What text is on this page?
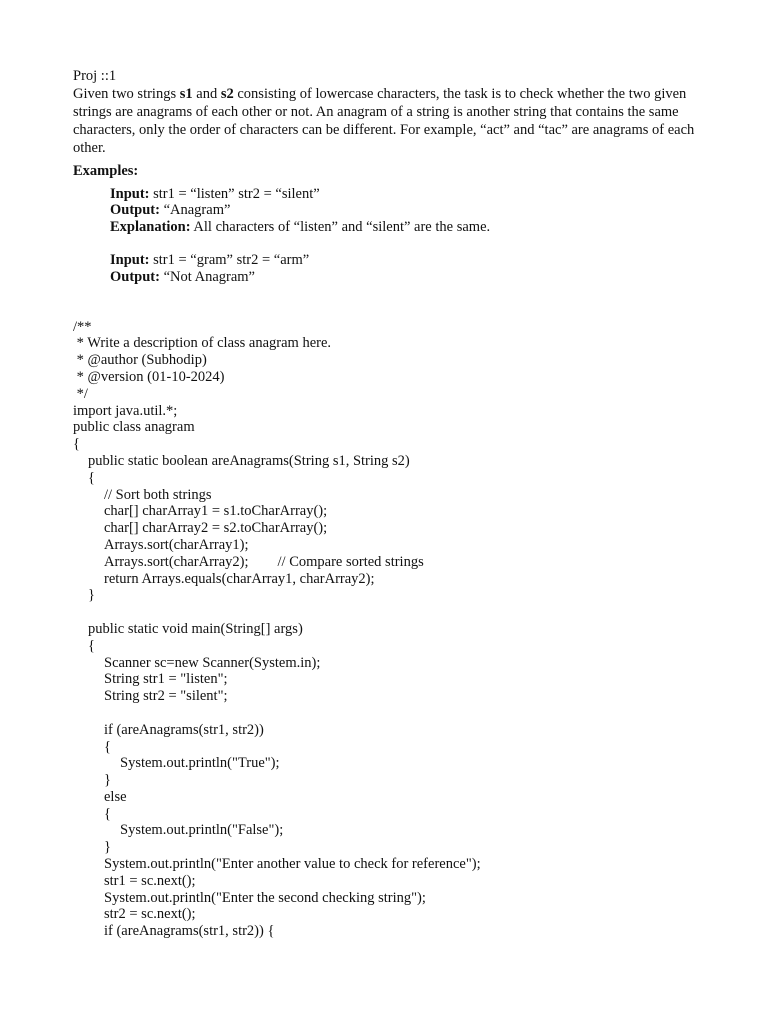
Proj ::1
Given two strings s1 and s2 consisting of lowercase characters, the task is to check whether the two given strings are anagrams of each other or not. An anagram of a string is another string that contains the same characters, only the order of characters can be different. For example, “act” and “tac” are anagrams of each other.
Examples:
Input: str1 = “listen” str2 = “silent”
Output: “Anagram”
Explanation: All characters of “listen” and “silent” are the same.
Input: str1 = “gram” str2 = “arm”
Output: “Not Anagram”
/**
* Write a description of class anagram here.
* @author (Subhodip)
* @version (01-10-2024)
*/
import java.util.*;
public class anagram
{
public static boolean areAnagrams(String s1, String s2)
{
// Sort both strings
char[] charArray1 = s1.toCharArray();
char[] charArray2 = s2.toCharArray();
Arrays.sort(charArray1);
Arrays.sort(charArray2);        // Compare sorted strings
return Arrays.equals(charArray1, charArray2);
}

public static void main(String[] args)
{
Scanner sc=new Scanner(System.in);
String str1 = "listen";
String str2 = "silent";

if (areAnagrams(str1, str2))
{
System.out.println("True");
}
else
{
System.out.println("False");
}
System.out.println("Enter another value to check for reference");
str1 = sc.next();
System.out.println("Enter the second checking string");
str2 = sc.next();
if (areAnagrams(str1, str2)) {
